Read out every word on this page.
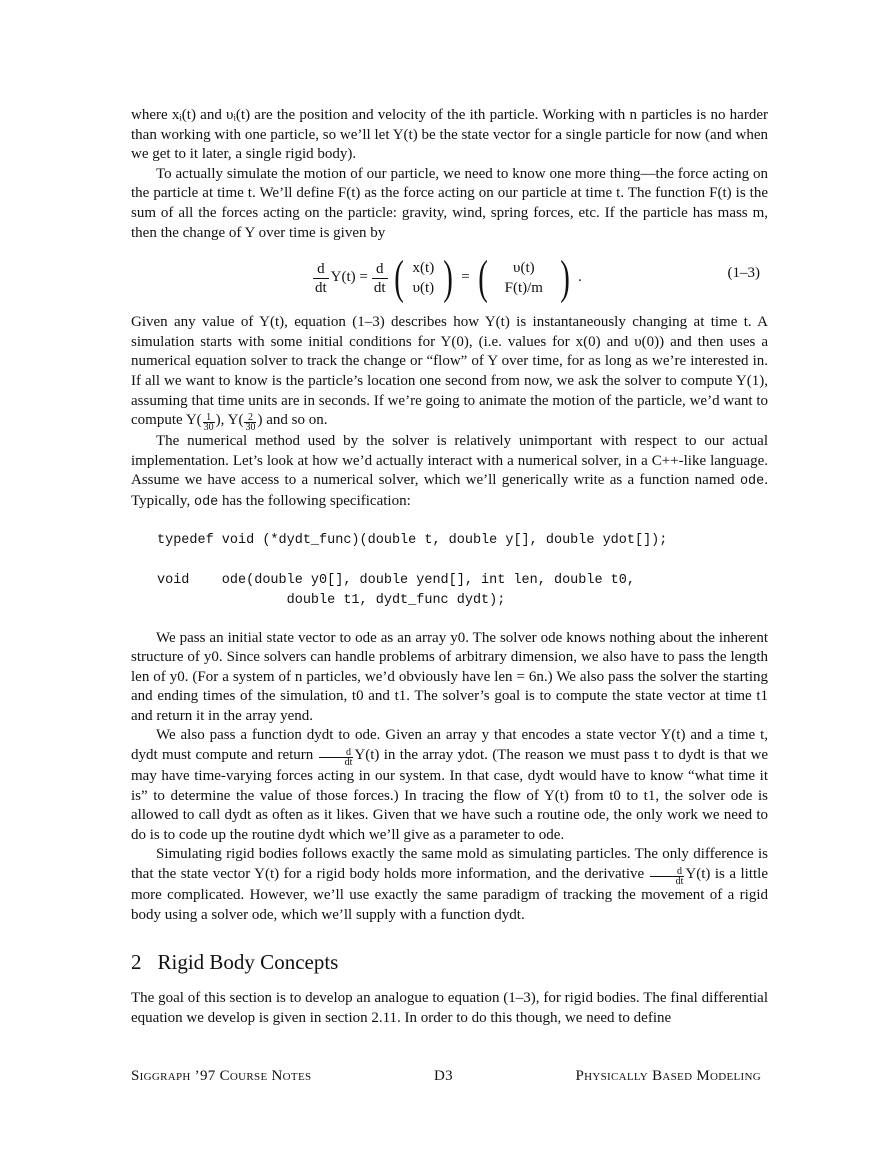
where xᵢ(t) and υᵢ(t) are the position and velocity of the ith particle. Working with n particles is no harder than working with one particle, so we’ll let Y(t) be the state vector for a single particle for now (and when we get to it later, a single rigid body).

To actually simulate the motion of our particle, we need to know one more thing—the force acting on the particle at time t. We’ll define F(t) as the force acting on our particle at time t. The function F(t) is the sum of all the forces acting on the particle: gravity, wind, spring forces, etc. If the particle has mass m, then the change of Y over time is given by

d
dt
$Y(t) = \frac{d}{dt}$ ( x(t)
υ(t) ) = (	υ(t)
F(t)/m ) .	(1–3)

Given any value of Y(t), equation (1–3) describes how Y(t) is instantaneously changing at time t. A simulation starts with some initial conditions for Y(0), (i.e. values for x(0) and υ(0)) and then uses a numerical equation solver to track the change or “flow” of Y over time, for as long as we’re interested in. If all we want to know is the particle’s location one second from now, we ask the solver to compute Y(1), assuming that time units are in seconds. If we’re going to animate the motion of the particle, we’d want to compute $Y( \frac{1}{30}$ ), $Y( \frac{2}{30}$ ) and so on.

The numerical method used by the solver is relatively unimportant with respect to our actual implementation. Let’s look at how we’d actually interact with a numerical solver, in a C++-like language. Assume we have access to a numerical solver, which we’ll generically write as a function named ode. Typically, ode has the following specification:

typedef void (*dydt_func)(double t, double y[], double ydot[]);

void    ode(double y0[], double yend[], int len, double t0,
double t1, dydt_func dydt);

We pass an initial state vector to ode as an array y0. The solver ode knows nothing about the inherent structure of y0. Since solvers can handle problems of arbitrary dimension, we also have to pass the length len of y0. (For a system of n particles, we’d obviously have len = 6n.) We also pass the solver the starting and ending times of the simulation, t0 and t1. The solver’s goal is to compute the state vector at time t1 and return it in the array yend.

We also pass a function dydt to ode. Given an array y that encodes a state vector Y(t) and a time t, dydt must compute and return $\frac{d}{dt} Y(t)$ in the array ydot. (The reason we must pass t to dydt is that we may have time-varying forces acting in our system. In that case, dydt would have to know “what time it is” to determine the value of those forces.) In tracing the flow of Y(t) from t0 to t1, the solver ode is allowed to call dydt as often as it likes. Given that we have such a routine ode, the only work we need to do is to code up the routine dydt which we’ll give as a parameter to ode.

Simulating rigid bodies follows exactly the same mold as simulating particles. The only difference is that the state vector Y(t) for a rigid body holds more information, and the derivative $\frac{d}{dt} Y(t)$ is a little more complicated. However, we’ll use exactly the same paradigm of tracking the movement of a rigid body using a solver ode, which we’ll supply with a function dydt.

2 Rigid Body Concepts

The goal of this section is to develop an analogue to equation (1–3), for rigid bodies. The final differential equation we develop is given in section 2.11. In order to do this though, we need to define

Siggraph ’97 Course Notes	D3	Physically Based Modeling
